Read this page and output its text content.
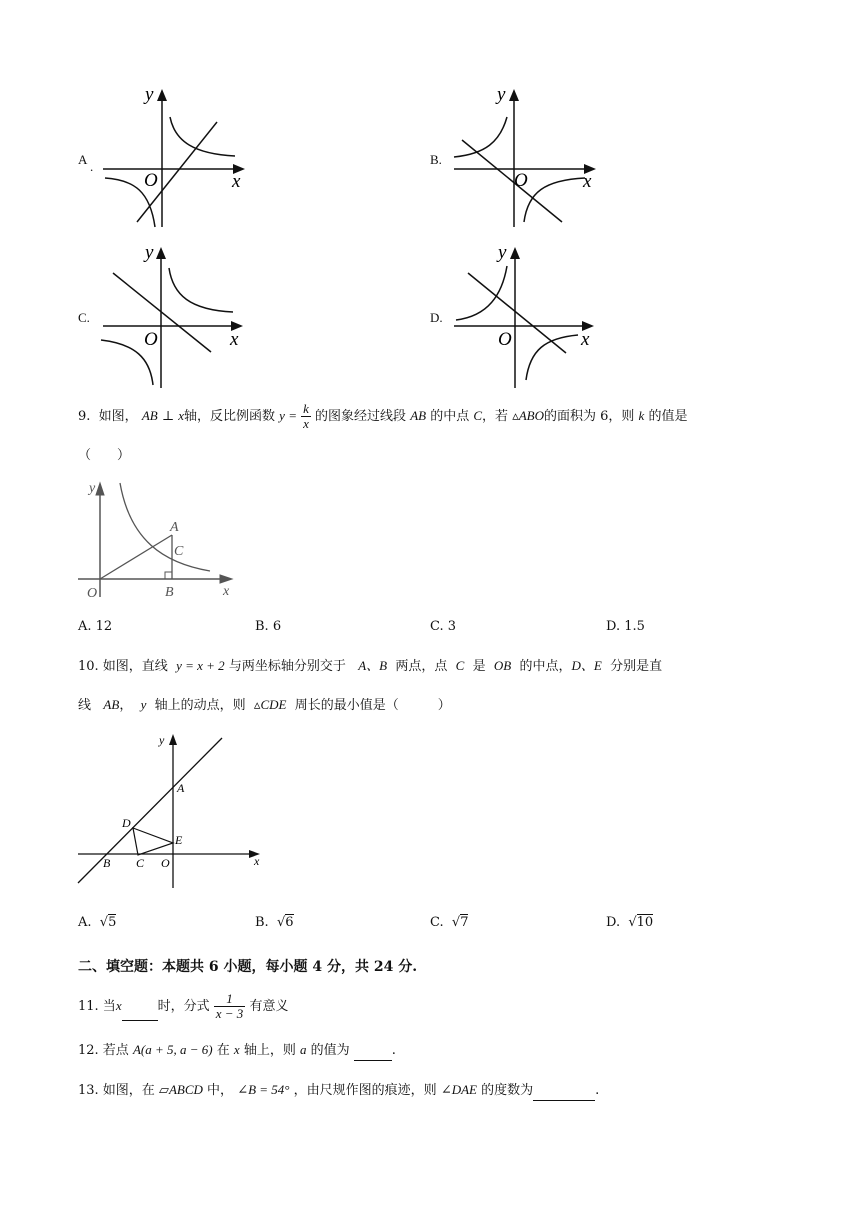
A .
y
x
O
B.
y
x
O
C.
y
x
O
D.
y
x
O
9. 如图， AB ⊥ x轴，反比例函数 $y = \frac{k}{x}$ 的图象经过线段 AB 的中点 C，若 ▵ABO的面积为 6，则 k 的值是
（　　）
y
x
O
A
B
C
A. 12	B. 6	C. 3	D. 1.5
10. 如图，直线 y = x + 2 与两坐标轴分别交于 A、B 两点，点 C 是 OB 的中点，D、E 分别是直
线 AB， y 轴上的动点，则 ▵CDE 周长的最小值是（　　　）
y
x
O
A
B C
D
E
A. √5	B. √6	C. √7	D. √10
二、填空题：本题共 6 小题，每小题 4 分，共 24 分.
11. 当x	时，分式 $\frac{1}{x - 3}$ 有意义
12. 若点 A(a + 5, a − 6) 在 x 轴上，则 a 的值为	.
13. 如图，在 ▱ABCD 中， ∠B = 54° ，由尺规作图的痕迹，则 ∠DAE 的度数为	.
